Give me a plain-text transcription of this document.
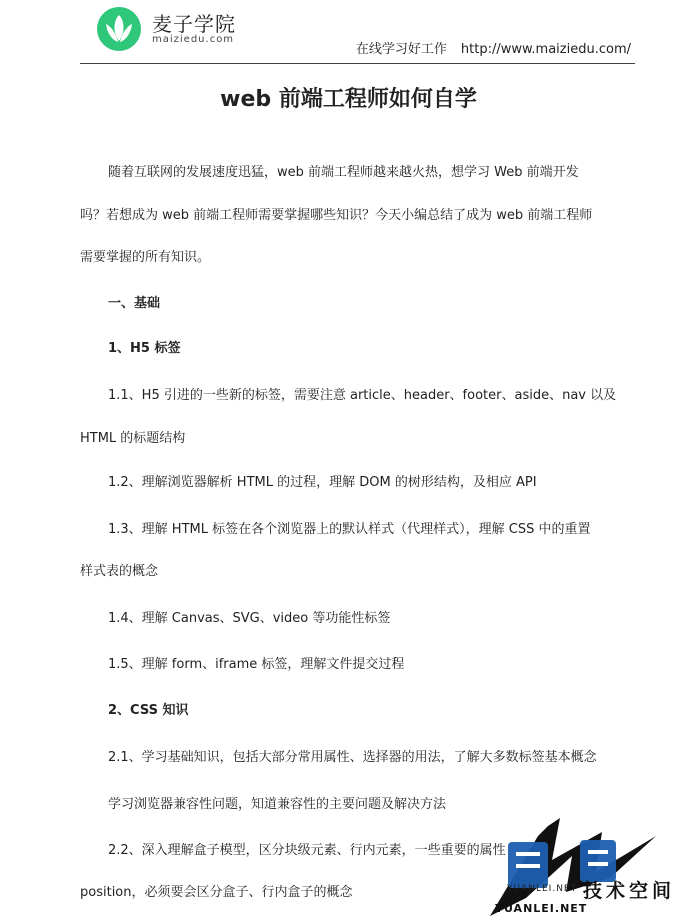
麦子学院
maiziedu.com
在线学习好工作 http://www.maiziedu.com/
web 前端工程师如何自学
随着互联网的发展速度迅猛，web 前端工程师越来越火热，想学习 Web 前端开发
吗？若想成为 web 前端工程师需要掌握哪些知识？今天小编总结了成为 web 前端工程师
需要掌握的所有知识。
一、基础
1、H5 标签
1.1、H5 引进的一些新的标签，需要注意 article、header、footer、aside、nav 以及
HTML 的标题结构
1.2、理解浏览器解析 HTML 的过程，理解 DOM 的树形结构，及相应 API
1.3、理解 HTML 标签在各个浏览器上的默认样式（代理样式），理解 CSS 中的重置
样式表的概念
1.4、理解 Canvas、SVG、video 等功能性标签
1.5、理解 form、iframe 标签，理解文件提交过程
2、CSS 知识
2.1、学习基础知识，包括大部分常用属性、选择器的用法，了解大多数标签基本概念
学习浏览器兼容性问题，知道兼容性的主要问题及解决方法
2.2、深入理解盒子模型，区分块级元素、行内元素，一些重要的属性
position，必须要会区分盒子、行内盒子的概念	YUANLEI.NET 技术空间
YUANLEI.NET
